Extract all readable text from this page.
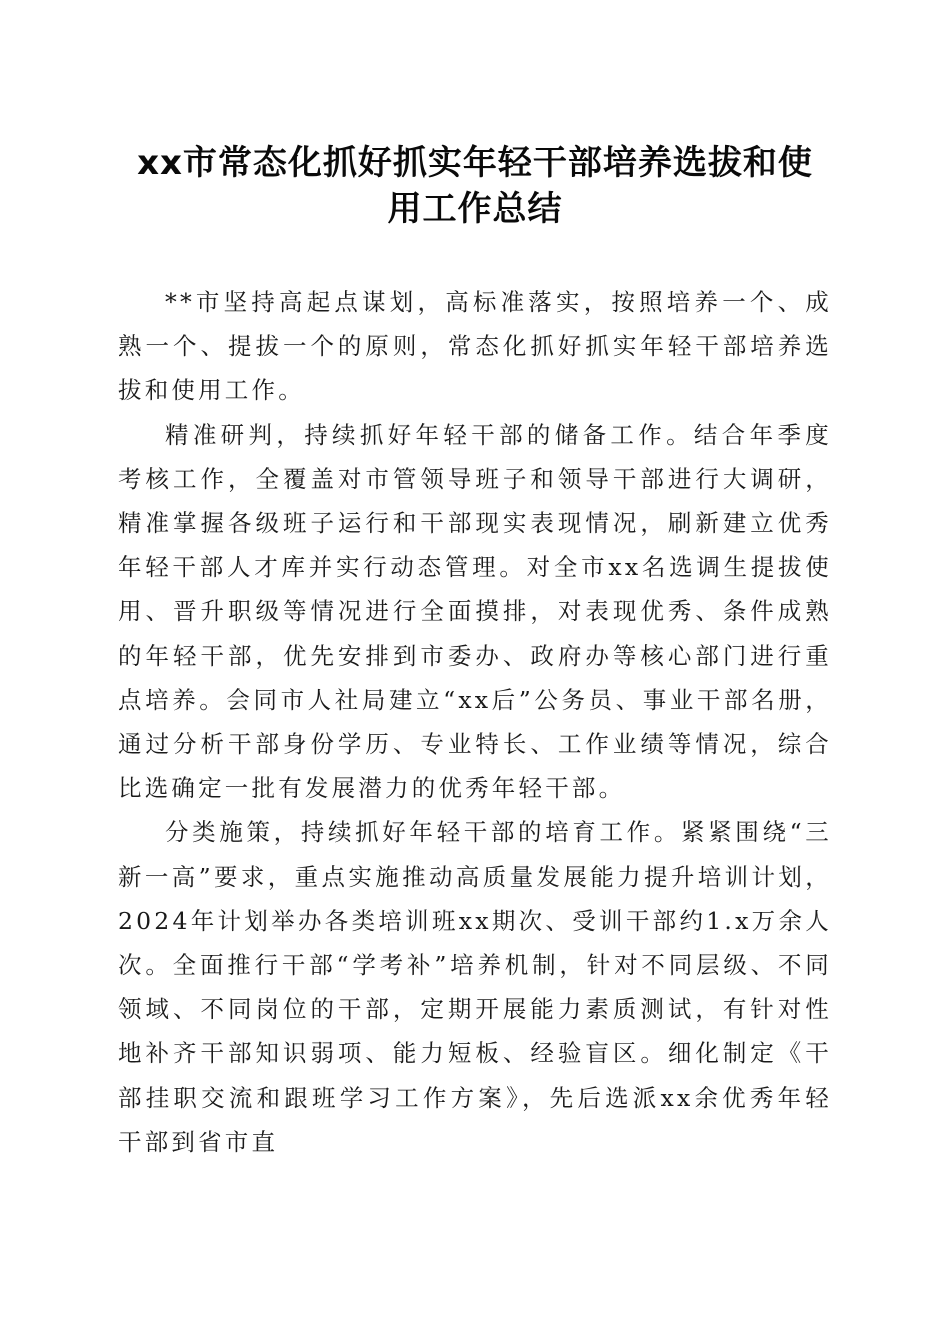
xx市常态化抓好抓实年轻干部培养选拔和使
用工作总结

**市坚持高起点谋划，高标准落实，按照培养一个、成熟一个、提拔一个的原则，常态化抓好抓实年轻干部培养选拔和使用工作。

精准研判，持续抓好年轻干部的储备工作。结合年季度考核工作，全覆盖对市管领导班子和领导干部进行大调研，精准掌握各级班子运行和干部现实表现情况，刷新建立优秀年轻干部人才库并实行动态管理。对全市xx名选调生提拔使用、晋升职级等情况进行全面摸排，对表现优秀、条件成熟的年轻干部，优先安排到市委办、政府办等核心部门进行重点培养。会同市人社局建立“xx后”公务员、事业干部名册，通过分析干部身份学历、专业特长、工作业绩等情况，综合比选确定一批有发展潜力的优秀年轻干部。

分类施策，持续抓好年轻干部的培育工作。紧紧围绕“三新一高”要求，重点实施推动高质量发展能力提升培训计划，2024年计划举办各类培训班xx期次、受训干部约1.x万余人次。全面推行干部“学考补”培养机制，针对不同层级、不同领域、不同岗位的干部，定期开展能力素质测试，有针对性地补齐干部知识弱项、能力短板、经验盲区。细化制定《干部挂职交流和跟班学习工作方案》，先后选派xx余优秀年轻干部到省市直
